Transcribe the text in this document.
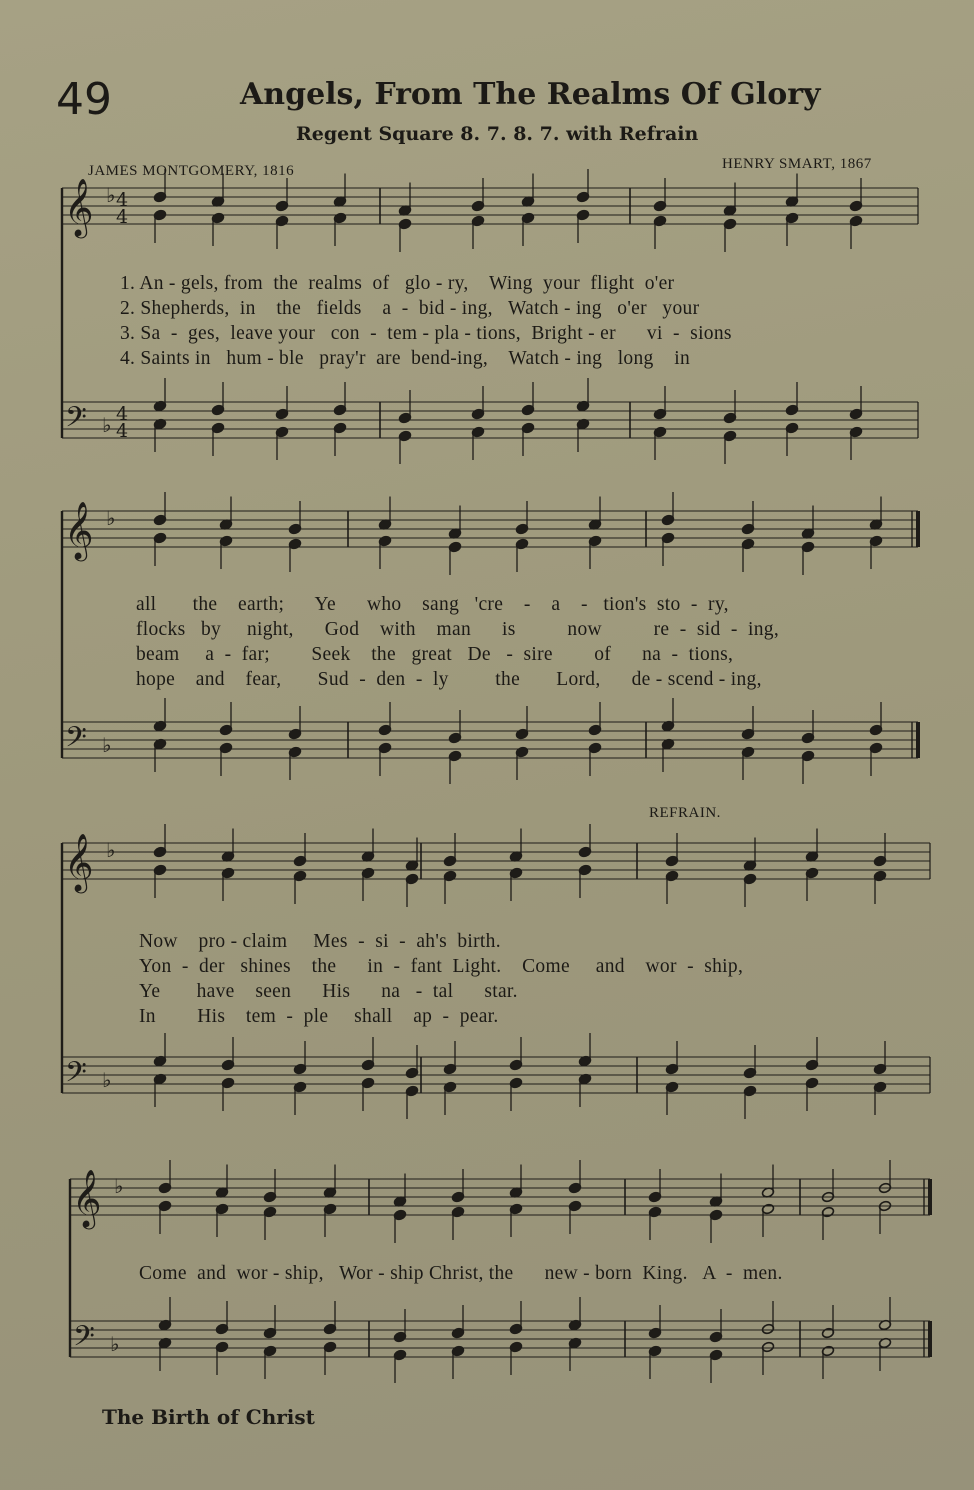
49	Angels, From The Realms Of Glory
Regent Square 8. 7. 8. 7. with Refrain
JAMES MONTGOMERY, 1816	HENRY SMART, 1867
REFRAIN.
𝄞
𝄢
♭
♭
4
4
4
4
𝄞
𝄢
♭
♭
𝄞
𝄢
♭
♭
𝄞
𝄢
♭
♭
1. An - gels, from  the  realms  of   glo - ry,    Wing  your  flight  o'er
2. Shepherds,  in    the   fields    a  -  bid - ing,   Watch - ing   o'er   your
3. Sa  -  ges,  leave your   con  -  tem - pla - tions,  Bright - er      vi  -  sions
4. Saints in   hum - ble   pray'r  are  bend-ing,    Watch - ing   long    in
all       the    earth;      Ye      who    sang   'cre    -    a    -   tion's  sto  -  ry,
flocks   by     night,      God    with    man      is          now          re  -  sid  -  ing,
beam     a  -  far;        Seek    the   great   De   -  sire        of      na  -  tions,
hope    and    fear,       Sud  -  den  -  ly         the       Lord,      de - scend - ing,
Now    pro - claim     Mes  -  si  -  ah's  birth.
Yon  -  der   shines    the      in  -  fant  Light.    Come     and    wor  -  ship,
Ye       have    seen      His      na   -  tal      star.
In        His    tem  -  ple     shall    ap  -  pear.
Come  and  wor - ship,   Wor - ship Christ, the      new - born  King.   A  -  men.
The Birth of Christ
